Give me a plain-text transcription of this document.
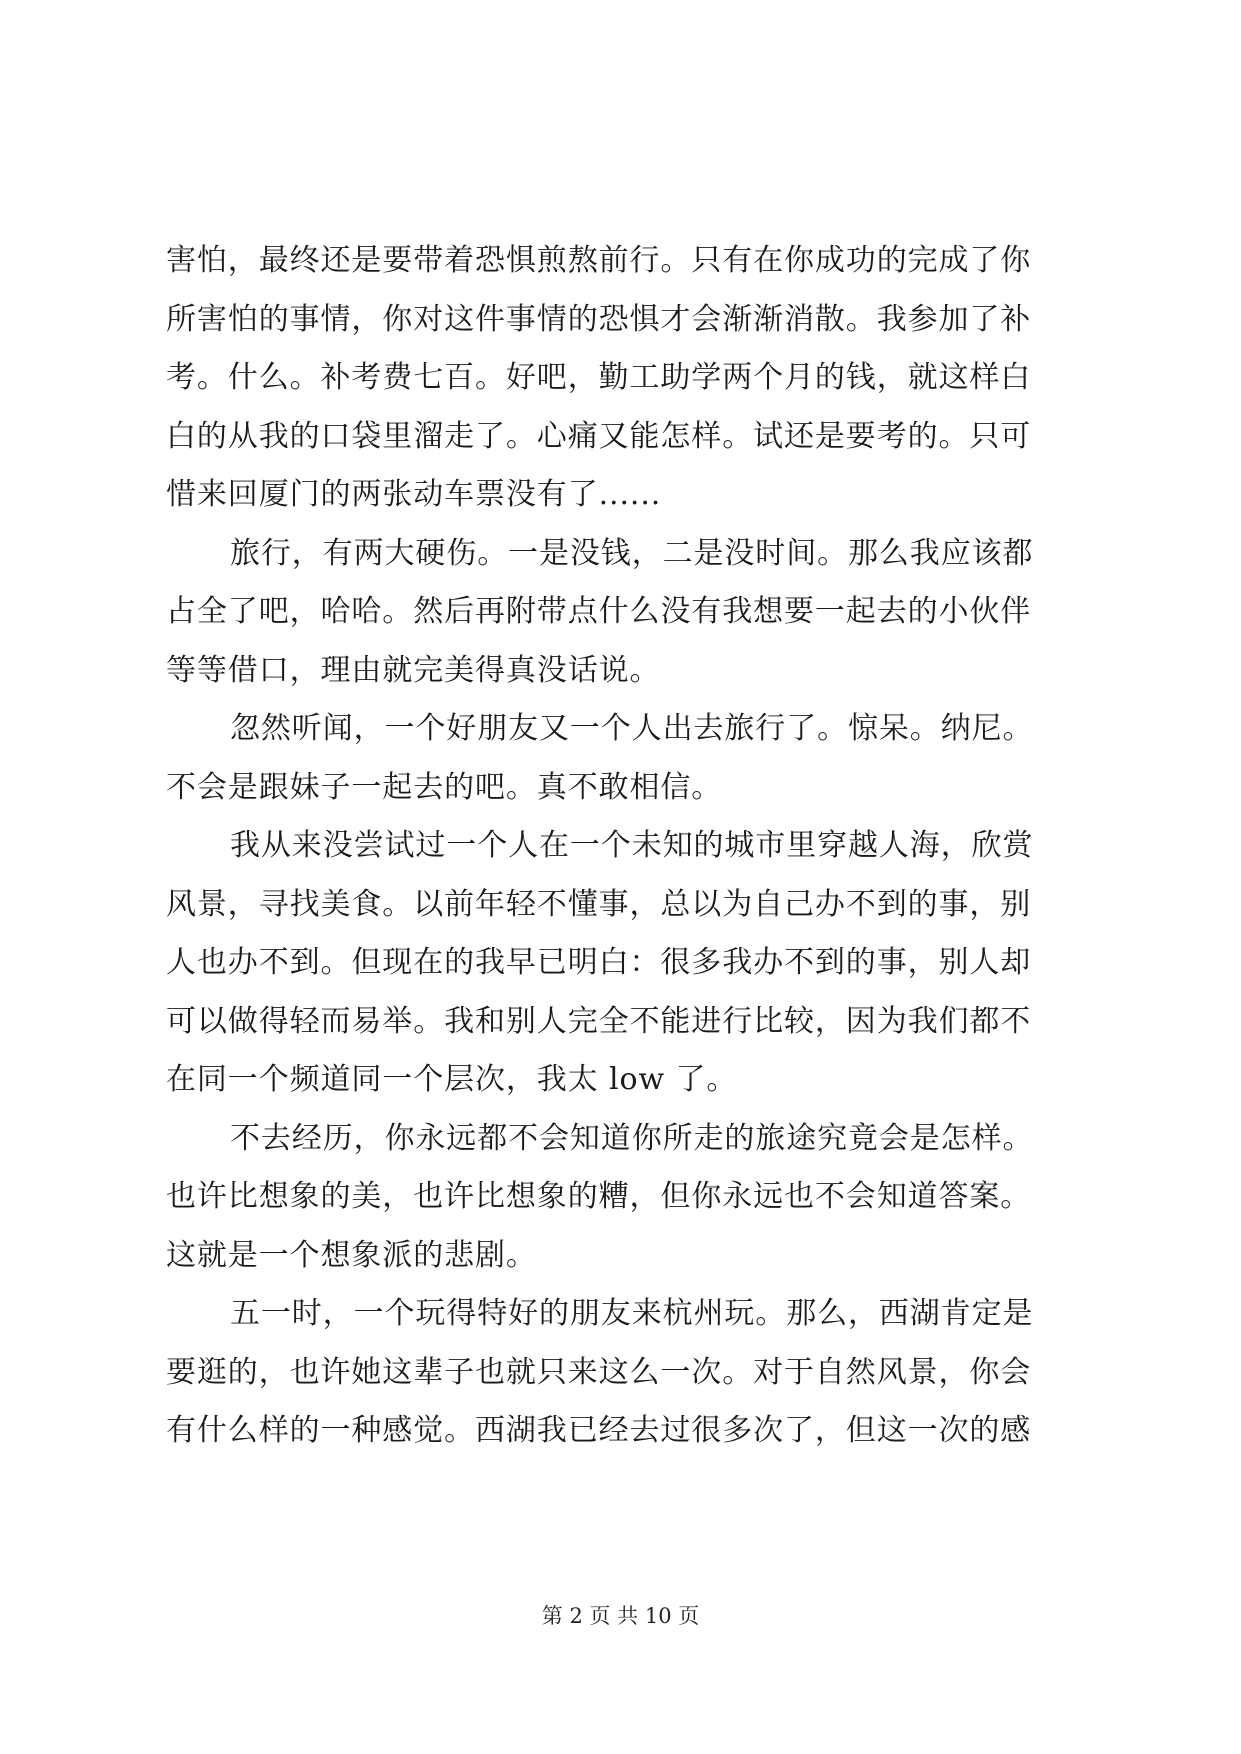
害怕，最终还是要带着恐惧煎熬前行。只有在你成功的完成了你
所害怕的事情，你对这件事情的恐惧才会渐渐消散。我参加了补
考。什么。补考费七百。好吧，勤工助学两个月的钱，就这样白
白的从我的口袋里溜走了。心痛又能怎样。试还是要考的。只可
惜来回厦门的两张动车票没有了......
旅行，有两大硬伤。一是没钱，二是没时间。那么我应该都
占全了吧，哈哈。然后再附带点什么没有我想要一起去的小伙伴
等等借口，理由就完美得真没话说。
忽然听闻，一个好朋友又一个人出去旅行了。惊呆。纳尼。
不会是跟妹子一起去的吧。真不敢相信。
我从来没尝试过一个人在一个未知的城市里穿越人海，欣赏
风景，寻找美食。以前年轻不懂事，总以为自己办不到的事，别
人也办不到。但现在的我早已明白：很多我办不到的事，别人却
可以做得轻而易举。我和别人完全不能进行比较，因为我们都不
在同一个频道同一个层次，我太 low 了。
不去经历，你永远都不会知道你所走的旅途究竟会是怎样。
也许比想象的美，也许比想象的糟，但你永远也不会知道答案。
这就是一个想象派的悲剧。
五一时，一个玩得特好的朋友来杭州玩。那么，西湖肯定是
要逛的，也许她这辈子也就只来这么一次。对于自然风景，你会
有什么样的一种感觉。西湖我已经去过很多次了，但这一次的感
第 2 页 共 10 页
